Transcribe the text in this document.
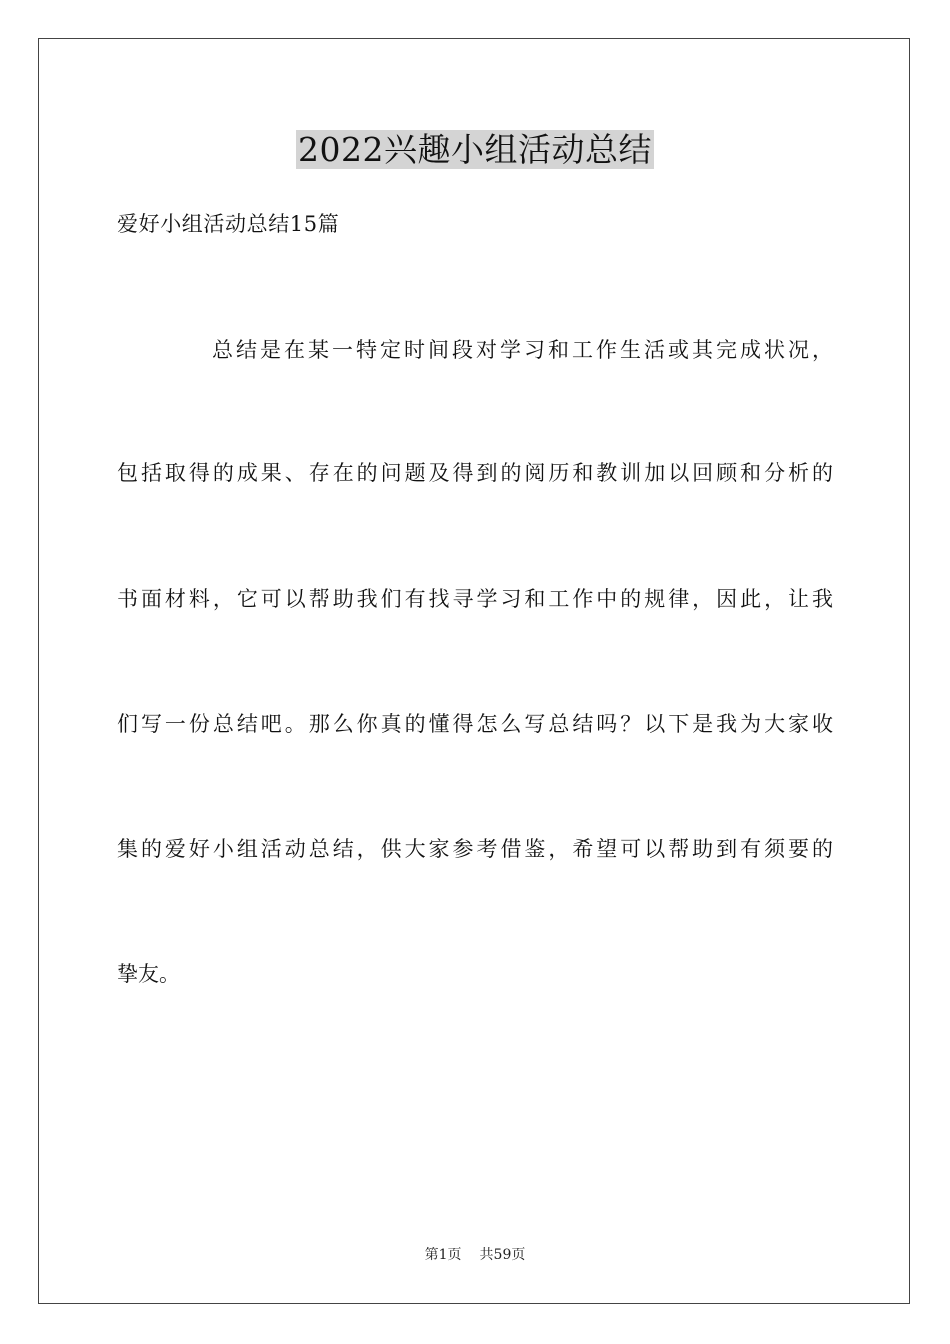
2022兴趣小组活动总结
爱好小组活动总结15篇
总结是在某一特定时间段对学习和工作生活或其完成状况，
包括取得的成果、存在的问题及得到的阅历和教训加以回顾和分析的
书面材料，它可以帮助我们有找寻学习和工作中的规律，因此，让我
们写一份总结吧。那么你真的懂得怎么写总结吗？以下是我为大家收
集的爱好小组活动总结，供大家参考借鉴，希望可以帮助到有须要的
挚友。
第1页 共59页
